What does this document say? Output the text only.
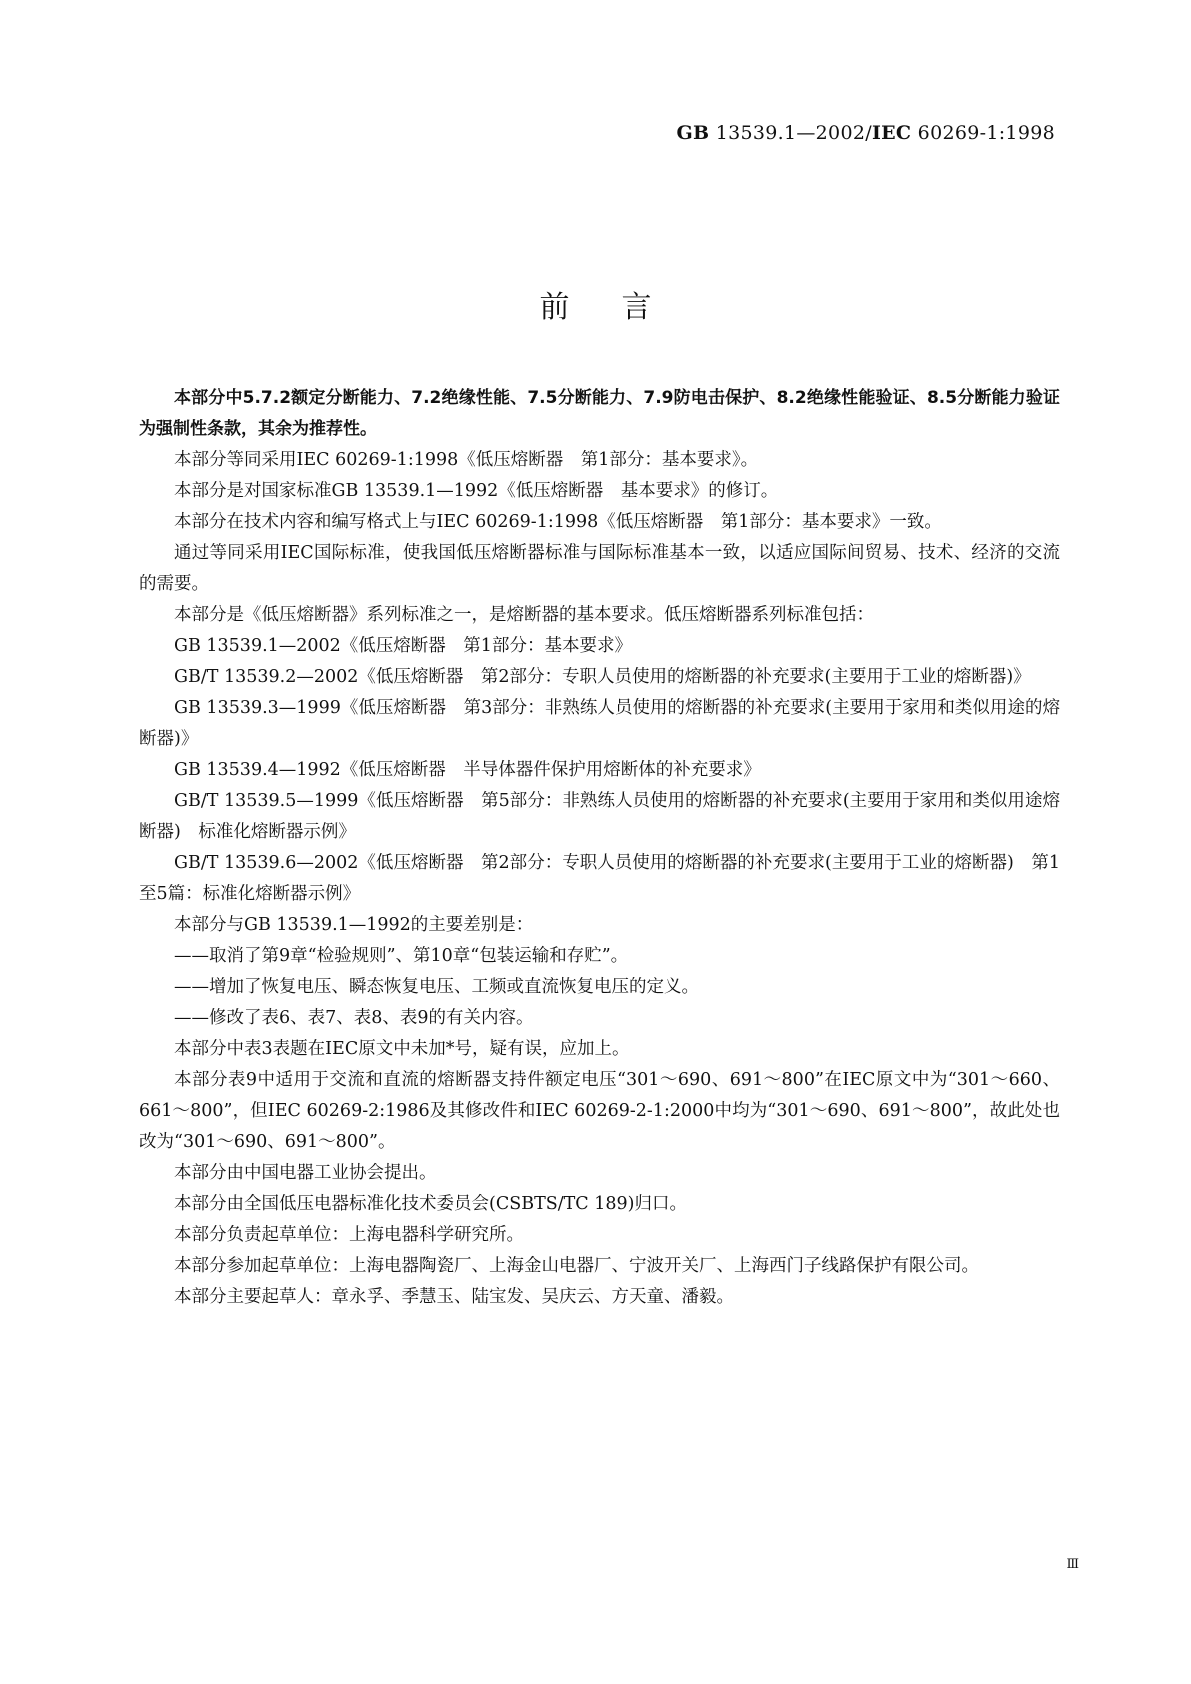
GB 13539.1—2002/IEC 60269-1:1998
前言

本部分中5.7.2额定分断能力、7.2绝缘性能、7.5分断能力、7.9防电击保护、8.2绝缘性能验证、8.5分断能力验证为强制性条款，其余为推荐性。

本部分等同采用IEC 60269-1:1998《低压熔断器　第1部分：基本要求》。

本部分是对国家标准GB 13539.1—1992《低压熔断器　基本要求》的修订。

本部分在技术内容和编写格式上与IEC 60269-1:1998《低压熔断器　第1部分：基本要求》一致。

通过等同采用IEC国际标准，使我国低压熔断器标准与国际标准基本一致，以适应国际间贸易、技术、经济的交流的需要。

本部分是《低压熔断器》系列标准之一，是熔断器的基本要求。低压熔断器系列标准包括：

GB 13539.1—2002《低压熔断器　第1部分：基本要求》

GB/T 13539.2—2002《低压熔断器　第2部分：专职人员使用的熔断器的补充要求(主要用于工业的熔断器)》

GB 13539.3—1999《低压熔断器　第3部分：非熟练人员使用的熔断器的补充要求(主要用于家用和类似用途的熔断器)》

GB 13539.4—1992《低压熔断器　半导体器件保护用熔断体的补充要求》

GB/T 13539.5—1999《低压熔断器　第5部分：非熟练人员使用的熔断器的补充要求(主要用于家用和类似用途熔断器)　标准化熔断器示例》

GB/T 13539.6—2002《低压熔断器　第2部分：专职人员使用的熔断器的补充要求(主要用于工业的熔断器)　第1至5篇：标准化熔断器示例》

本部分与GB 13539.1—1992的主要差别是：

——取消了第9章“检验规则”、第10章“包装运输和存贮”。

——增加了恢复电压、瞬态恢复电压、工频或直流恢复电压的定义。

——修改了表6、表7、表8、表9的有关内容。

本部分中表3表题在IEC原文中未加*号，疑有误，应加上。

本部分表9中适用于交流和直流的熔断器支持件额定电压“301～690、691～800”在IEC原文中为“301～660、661～800”，但IEC 60269-2:1986及其修改件和IEC 60269-2-1:2000中均为“301～690、691～800”，故此处也改为“301～690、691～800”。

本部分由中国电器工业协会提出。

本部分由全国低压电器标准化技术委员会(CSBTS/TC 189)归口。

本部分负责起草单位：上海电器科学研究所。

本部分参加起草单位：上海电器陶瓷厂、上海金山电器厂、宁波开关厂、上海西门子线路保护有限公司。

本部分主要起草人：章永孚、季慧玉、陆宝发、吴庆云、方天童、潘毅。

Ⅲ
